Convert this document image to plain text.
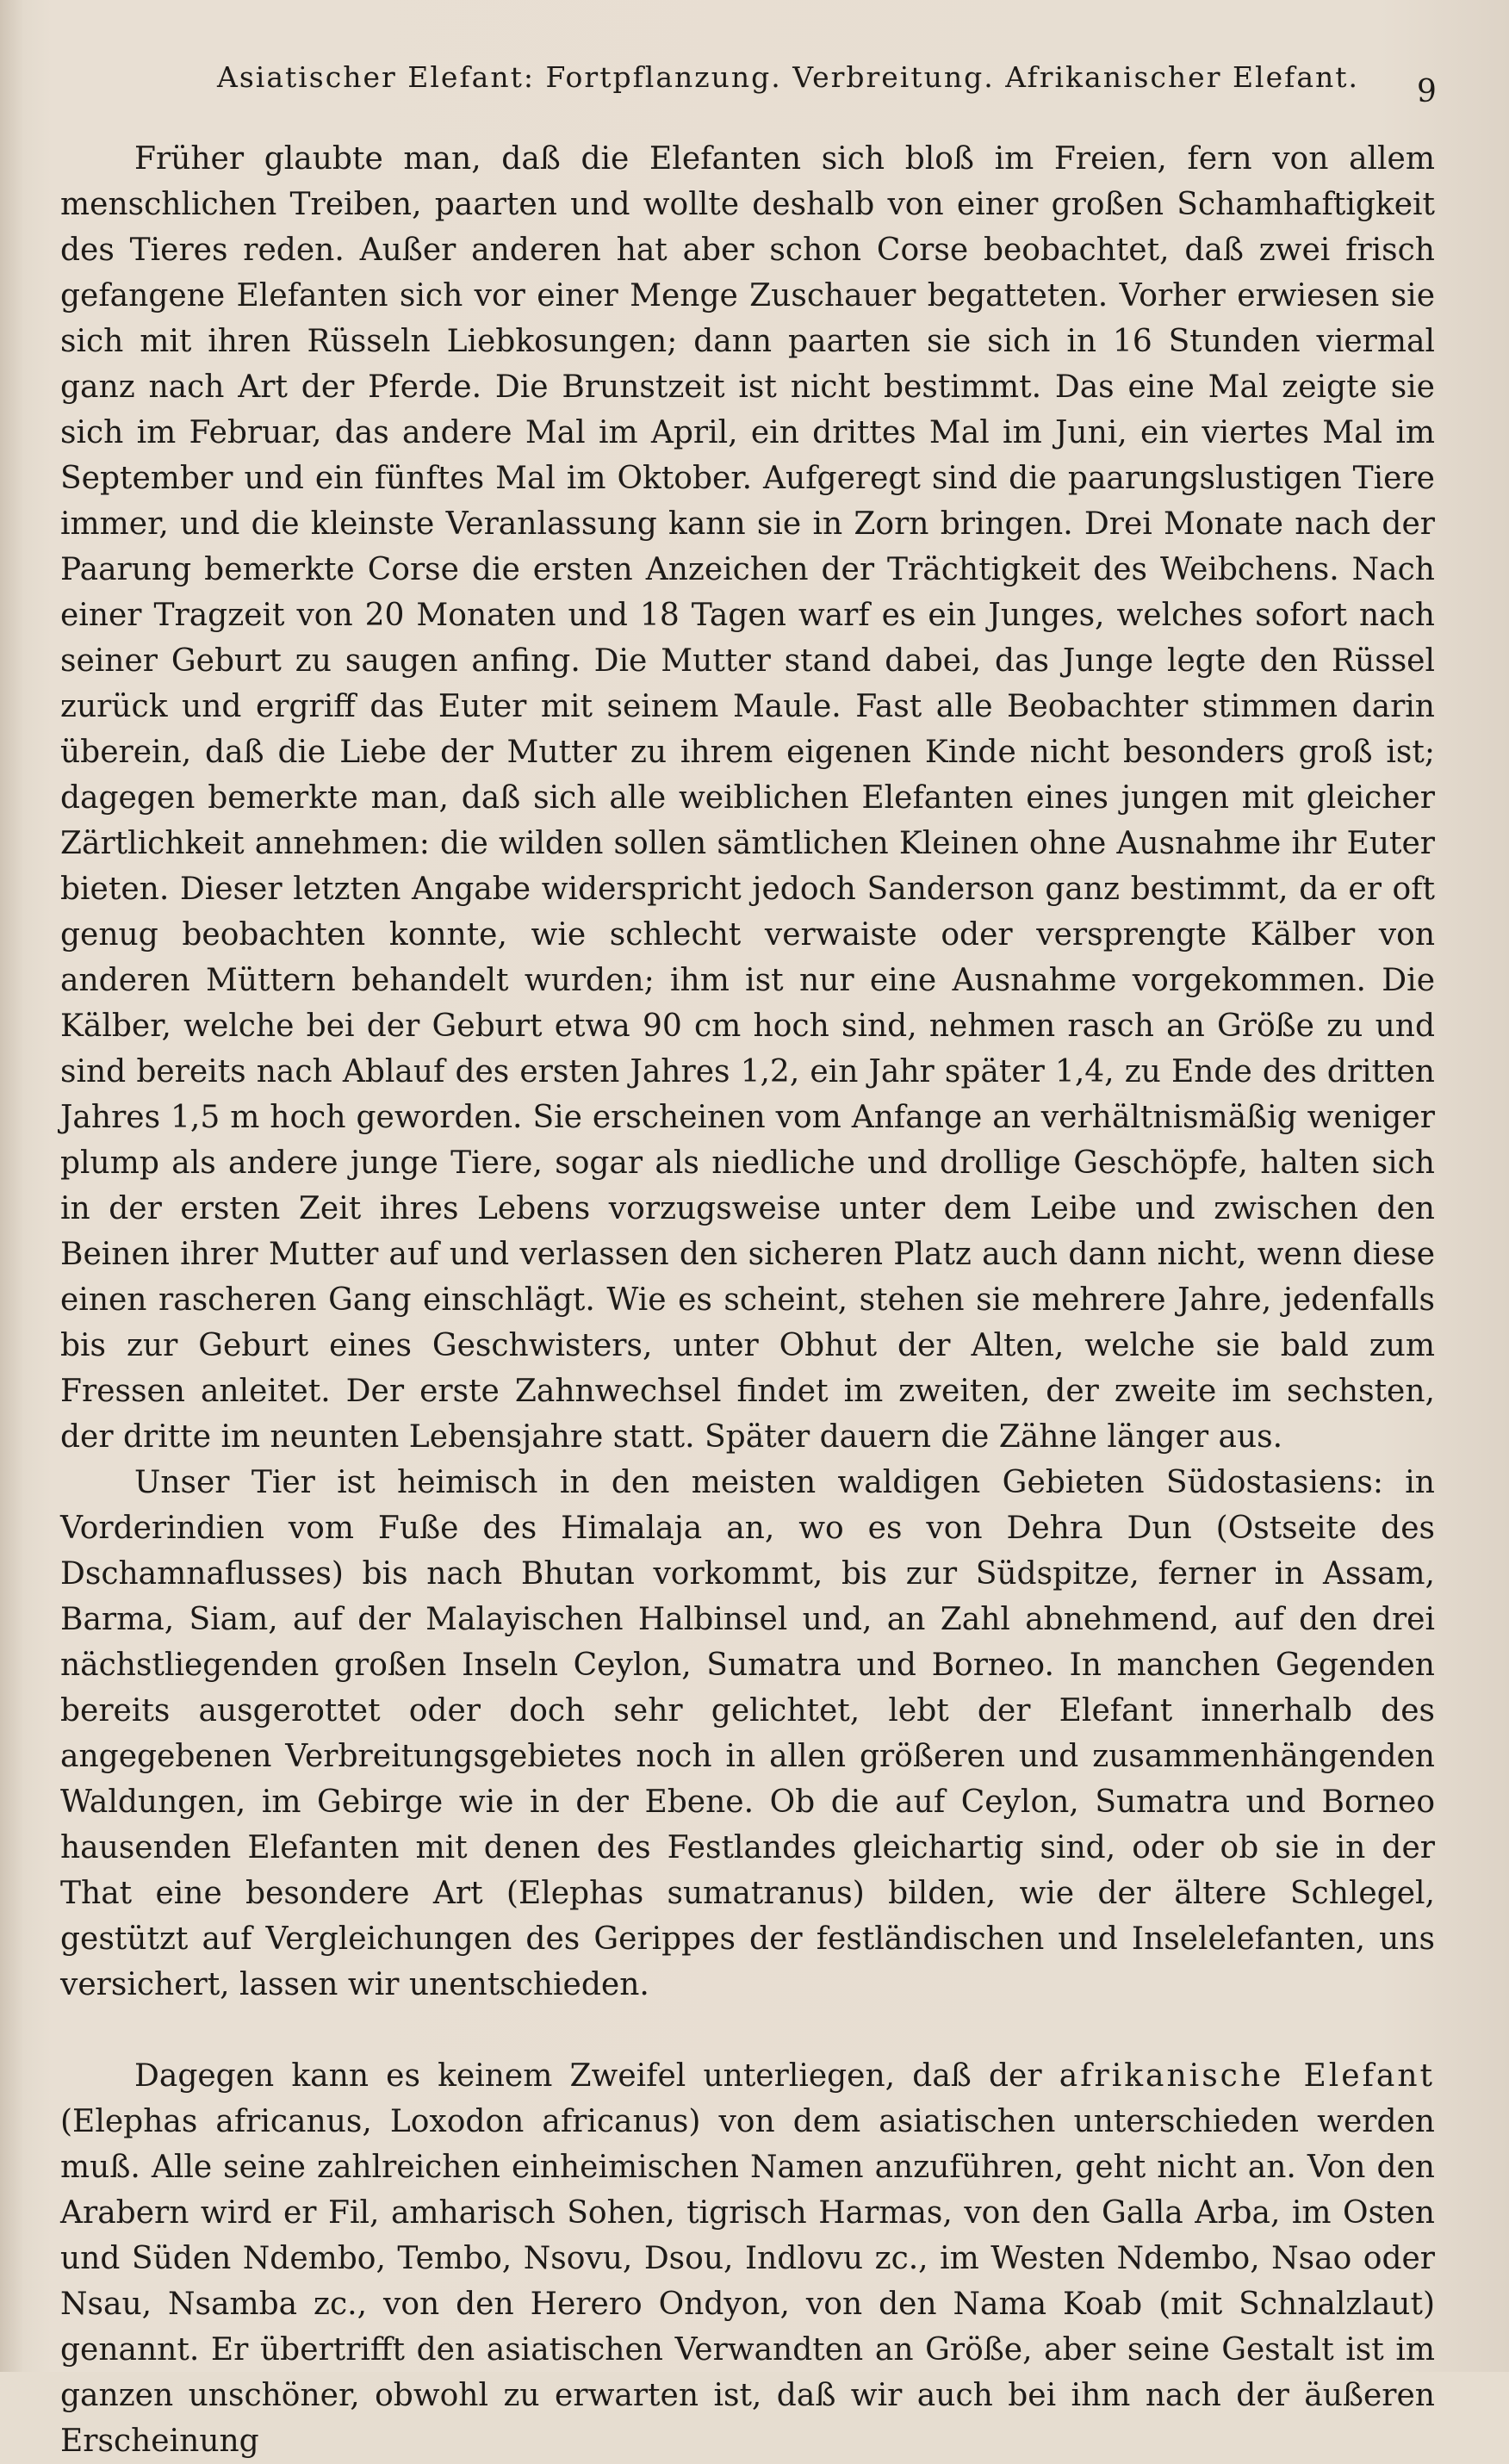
Asiatischer Elefant: Fortpflanzung. Verbreitung. Afrikanischer Elefant. 9

Früher glaubte man, daß die Elefanten sich bloß im Freien, fern von allem menschlichen Treiben, paarten und wollte deshalb von einer großen Schamhaftigkeit des Tieres reden. Außer anderen hat aber schon Corse beobachtet, daß zwei frisch gefangene Elefanten sich vor einer Menge Zuschauer begatteten. Vorher erwiesen sie sich mit ihren Rüsseln Liebkosungen; dann paarten sie sich in 16 Stunden viermal ganz nach Art der Pferde. Die Brunstzeit ist nicht bestimmt. Das eine Mal zeigte sie sich im Februar, das andere Mal im April, ein drittes Mal im Juni, ein viertes Mal im September und ein fünftes Mal im Oktober. Aufgeregt sind die paarungslustigen Tiere immer, und die kleinste Veranlassung kann sie in Zorn bringen. Drei Monate nach der Paarung bemerkte Corse die ersten Anzeichen der Trächtigkeit des Weibchens. Nach einer Tragzeit von 20 Monaten und 18 Tagen warf es ein Junges, welches sofort nach seiner Geburt zu saugen anfing. Die Mutter stand dabei, das Junge legte den Rüssel zurück und ergriff das Euter mit seinem Maule. Fast alle Beobachter stimmen darin überein, daß die Liebe der Mutter zu ihrem eigenen Kinde nicht besonders groß ist; dagegen bemerkte man, daß sich alle weiblichen Elefanten eines jungen mit gleicher Zärtlichkeit annehmen: die wilden sollen sämtlichen Kleinen ohne Ausnahme ihr Euter bieten. Dieser letzten Angabe widerspricht jedoch Sanderson ganz bestimmt, da er oft genug beobachten konnte, wie schlecht verwaiste oder versprengte Kälber von anderen Müttern behandelt wurden; ihm ist nur eine Ausnahme vorgekommen. Die Kälber, welche bei der Geburt etwa 90 cm hoch sind, nehmen rasch an Größe zu und sind bereits nach Ablauf des ersten Jahres 1,2, ein Jahr später 1,4, zu Ende des dritten Jahres 1,5 m hoch geworden. Sie erscheinen vom Anfange an verhältnismäßig weniger plump als andere junge Tiere, sogar als niedliche und drollige Geschöpfe, halten sich in der ersten Zeit ihres Lebens vorzugsweise unter dem Leibe und zwischen den Beinen ihrer Mutter auf und verlassen den sicheren Platz auch dann nicht, wenn diese einen rascheren Gang einschlägt. Wie es scheint, stehen sie mehrere Jahre, jedenfalls bis zur Geburt eines Geschwisters, unter Obhut der Alten, welche sie bald zum Fressen anleitet. Der erste Zahnwechsel findet im zweiten, der zweite im sechsten, der dritte im neunten Lebensjahre statt. Später dauern die Zähne länger aus.

Unser Tier ist heimisch in den meisten waldigen Gebieten Südostasiens: in Vorderindien vom Fuße des Himalaja an, wo es von Dehra Dun (Ostseite des Dschamnaflusses) bis nach Bhutan vorkommt, bis zur Südspitze, ferner in Assam, Barma, Siam, auf der Malayischen Halbinsel und, an Zahl abnehmend, auf den drei nächstliegenden großen Inseln Ceylon, Sumatra und Borneo. In manchen Gegenden bereits ausgerottet oder doch sehr gelichtet, lebt der Elefant innerhalb des angegebenen Verbreitungsgebietes noch in allen größeren und zusammenhängenden Waldungen, im Gebirge wie in der Ebene. Ob die auf Ceylon, Sumatra und Borneo hausenden Elefanten mit denen des Festlandes gleichartig sind, oder ob sie in der That eine besondere Art (Elephas sumatranus) bilden, wie der ältere Schlegel, gestützt auf Vergleichungen des Gerippes der festländischen und Inselelefanten, uns versichert, lassen wir unentschieden.

Dagegen kann es keinem Zweifel unterliegen, daß der afrikanische Elefant (Elephas africanus, Loxodon africanus) von dem asiatischen unterschieden werden muß. Alle seine zahlreichen einheimischen Namen anzuführen, geht nicht an. Von den Arabern wird er Fil, amharisch Sohen, tigrisch Harmas, von den Galla Arba, im Osten und Süden Ndembo, Tembo, Nsovu, Dsou, Indlovu zc., im Westen Ndembo, Nsao oder Nsau, Nsamba zc., von den Herero Ondyon, von den Nama Koab (mit Schnalzlaut) genannt. Er übertrifft den asiatischen Verwandten an Größe, aber seine Gestalt ist im ganzen unschöner, obwohl zu erwarten ist, daß wir auch bei ihm nach der äußeren Erscheinung
